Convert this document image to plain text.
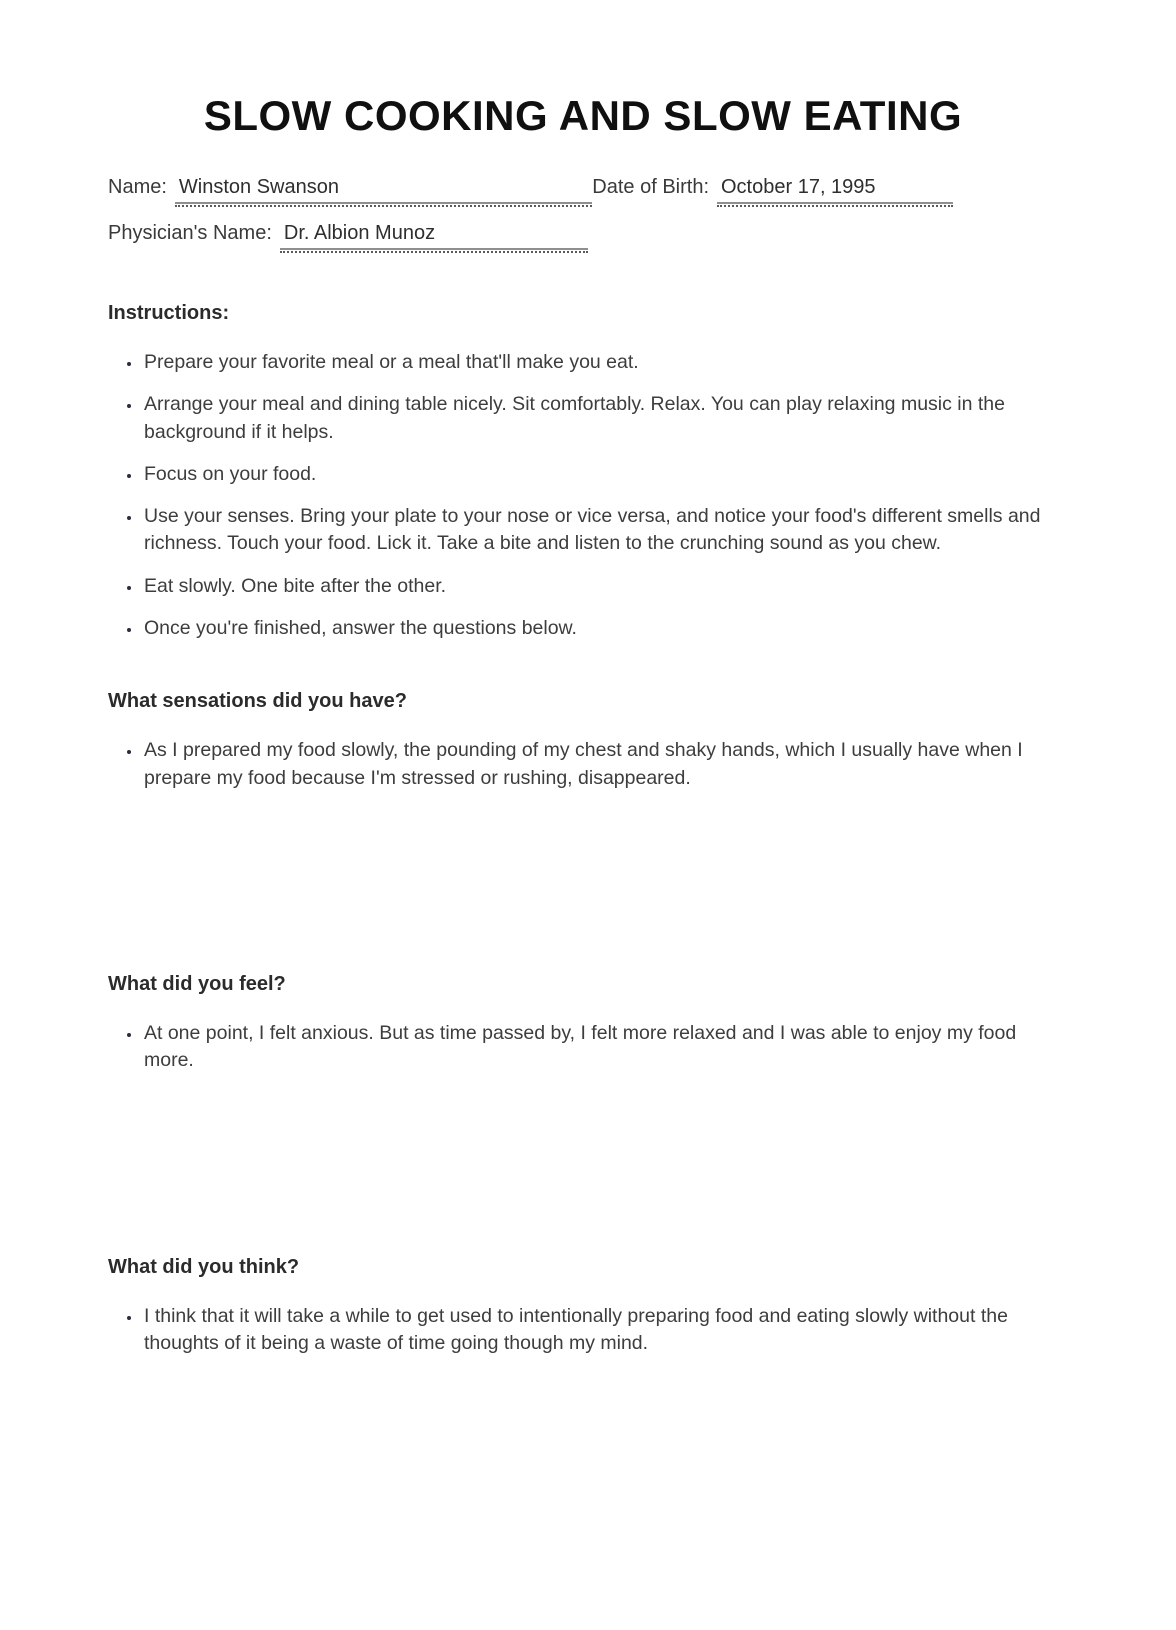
SLOW COOKING AND SLOW EATING
Name: Winston Swanson	Date of Birth: October 17, 1995
Physician's Name: Dr. Albion Munoz
Instructions:
• Prepare your favorite meal or a meal that'll make you eat.
• Arrange your meal and dining table nicely. Sit comfortably. Relax. You can play relaxing music in the background if it helps.
• Focus on your food.
• Use your senses. Bring your plate to your nose or vice versa, and notice your food's different smells and richness. Touch your food. Lick it. Take a bite and listen to the crunching sound as you chew.
• Eat slowly. One bite after the other.
• Once you're finished, answer the questions below.
What sensations did you have?
• As I prepared my food slowly, the pounding of my chest and shaky hands, which I usually have when I prepare my food because I'm stressed or rushing, disappeared.
What did you feel?
• At one point, I felt anxious. But as time passed by, I felt more relaxed and I was able to enjoy my food more.
What did you think?
• I think that it will take a while to get used to intentionally preparing food and eating slowly without the thoughts of it being a waste of time going though my mind.
